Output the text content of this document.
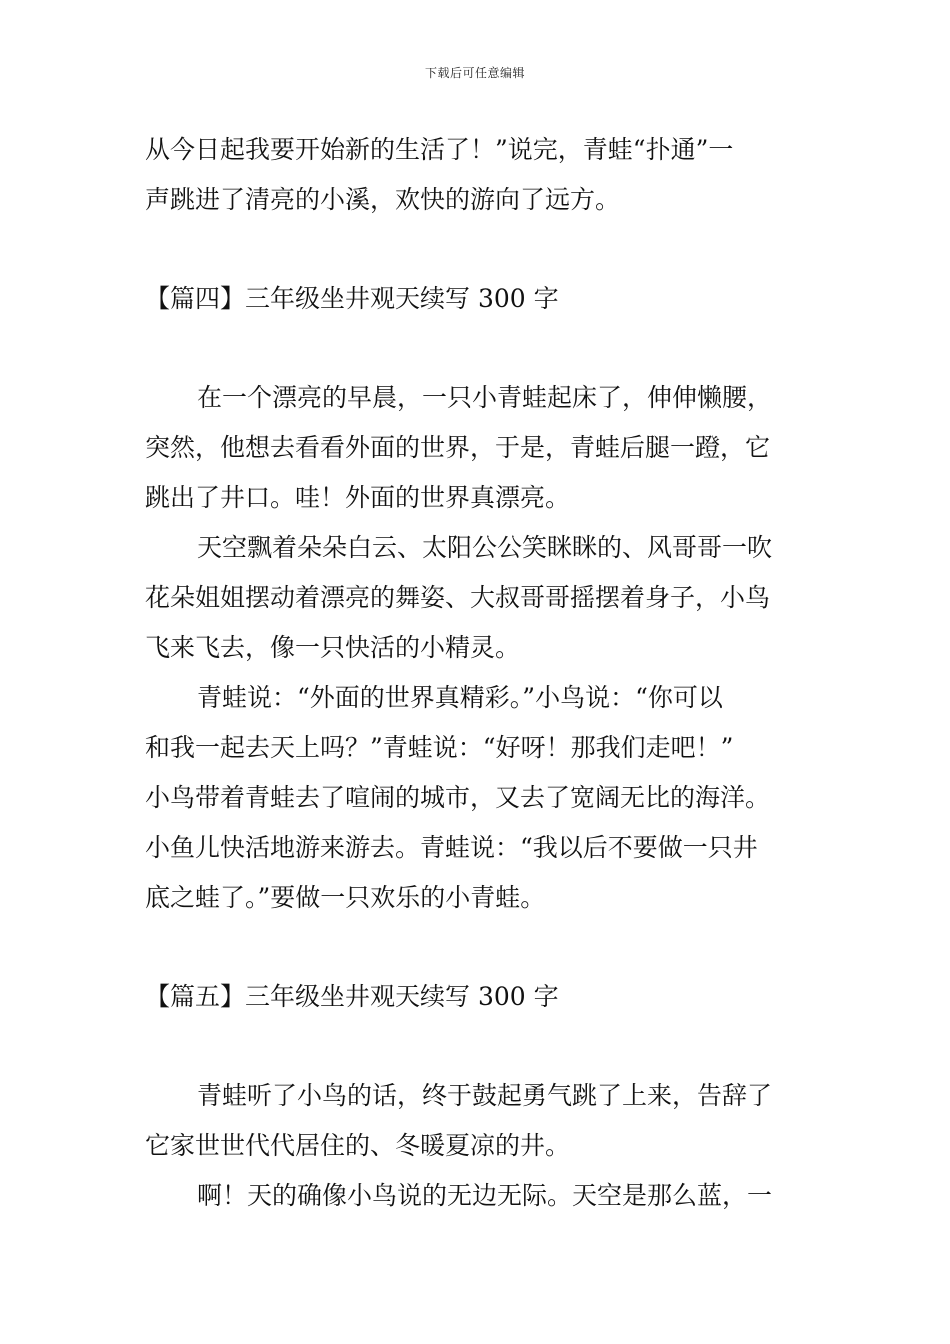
下载后可任意编辑
从今日起我要开始新的生活了！”说完，青蛙“扑通”一
声跳进了清亮的小溪，欢快的游向了远方。
【篇四】三年级坐井观天续写 300 字
在一个漂亮的早晨，一只小青蛙起床了，伸伸懒腰，
突然，他想去看看外面的世界，于是，青蛙后腿一蹬，它
跳出了井口。哇！外面的世界真漂亮。
天空飘着朵朵白云、太阳公公笑眯眯的、风哥哥一吹
花朵姐姐摆动着漂亮的舞姿、大叔哥哥摇摆着身子，小鸟
飞来飞去，像一只快活的小精灵。
青蛙说：“外面的世界真精彩。”小鸟说：“你可以
和我一起去天上吗？”青蛙说：“好呀！那我们走吧！”
小鸟带着青蛙去了喧闹的城市，又去了宽阔无比的海洋。
小鱼儿快活地游来游去。青蛙说：“我以后不要做一只井
底之蛙了。”要做一只欢乐的小青蛙。
【篇五】三年级坐井观天续写 300 字
青蛙听了小鸟的话，终于鼓起勇气跳了上来，告辞了
它家世世代代居住的、冬暖夏凉的井。
啊！天的确像小鸟说的无边无际。天空是那么蓝，一
